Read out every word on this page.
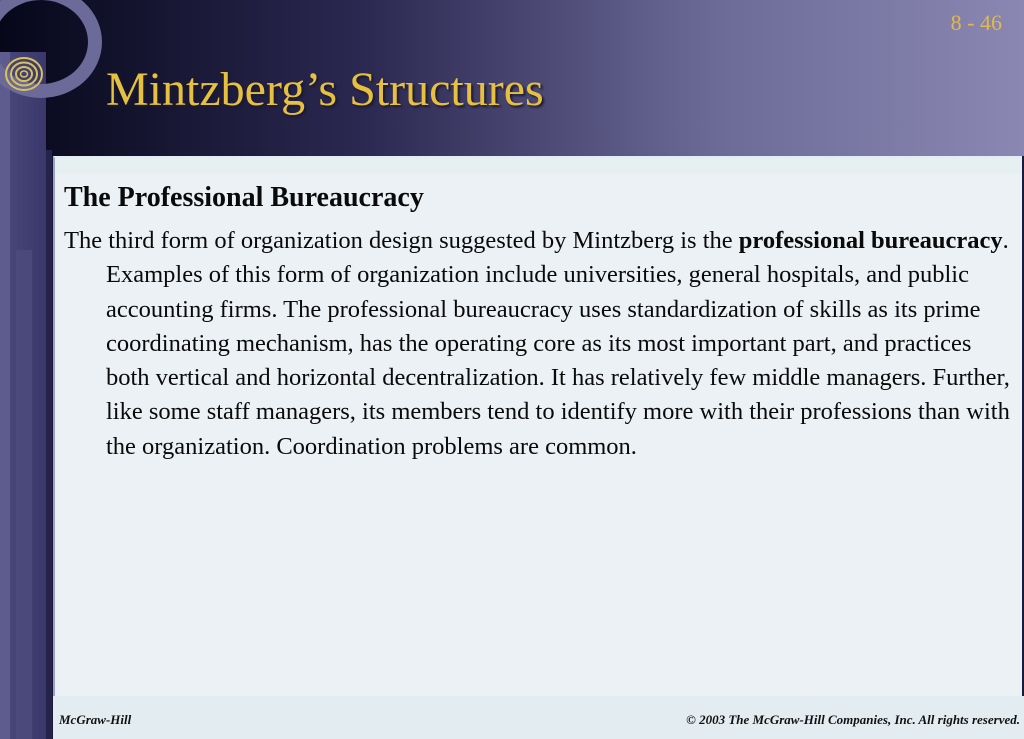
8 - 46
Mintzberg’s Structures
The Professional Bureaucracy

The third form of organization design suggested by Mintzberg is the professional bureaucracy. Examples of this form of organization include universities, general hospitals, and public accounting firms. The professional bureaucracy uses standardization of skills as its prime coordinating mechanism, has the operating core as its most important part, and practices both vertical and horizontal decentralization. It has relatively few middle managers. Further, like some staff managers, its members tend to identify more with their professions than with the organization. Coordination problems are common.

McGraw-Hill	© 2003 The McGraw-Hill Companies, Inc. All rights reserved.
